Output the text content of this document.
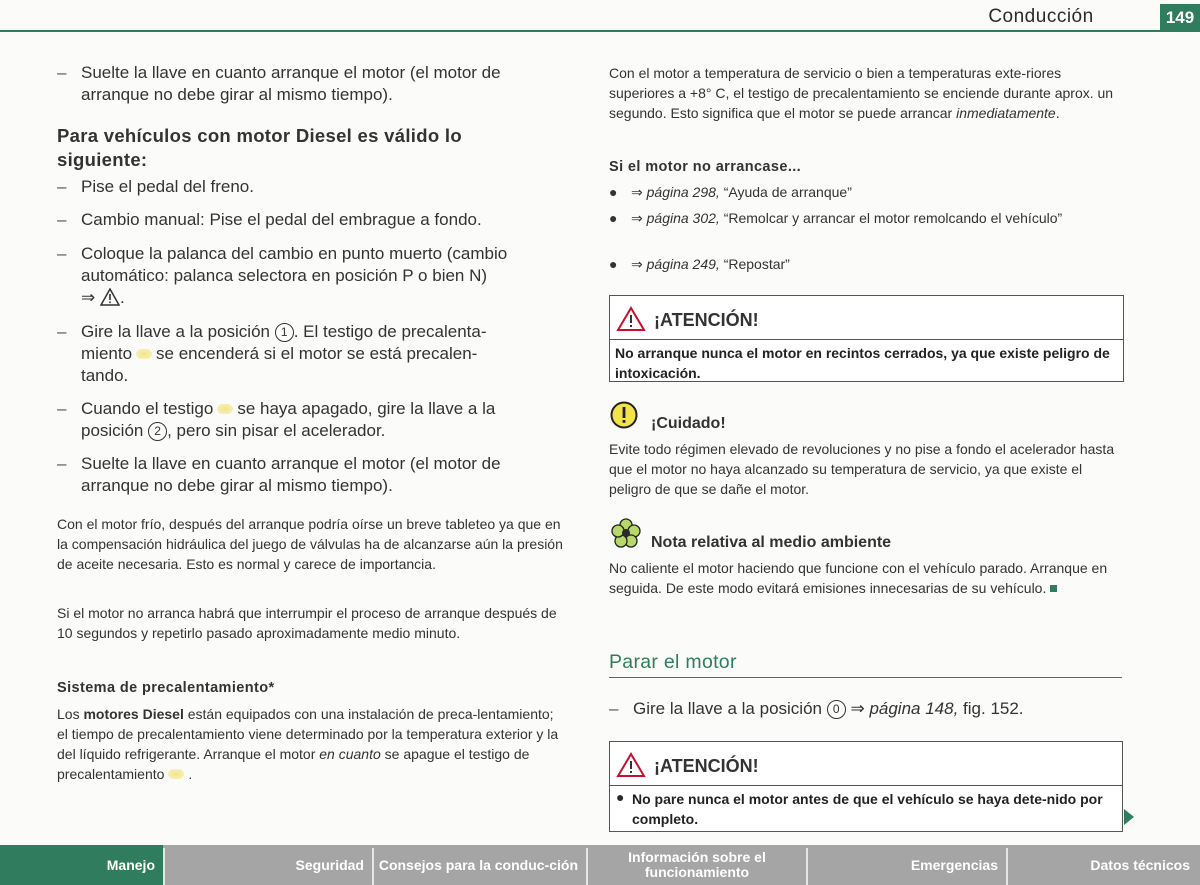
Conducción	149
– Suelte la llave en cuanto arranque el motor (el motor de arranque no debe girar al mismo tiempo).
Para vehículos con motor Diesel es válido lo siguiente:
– Pise el pedal del freno.
– Cambio manual: Pise el pedal del embrague a fondo.
– Coloque la palanca del cambio en punto muerto (cambio
automático: palanca selectora en posición P o bien N)
⇒ .
– Gire la llave a la posición 1 . El testigo de precalenta-
miento se encenderá si el motor se está precalen-
tando.
– Cuando el testigo se haya apagado, gire la llave a la
posición 2 , pero sin pisar el acelerador.
– Suelte la llave en cuanto arranque el motor (el motor de arranque no debe girar al mismo tiempo).
Con el motor frío, después del arranque podría oírse un breve tableteo ya que en la compensación hidráulica del juego de válvulas ha de alcanzarse aún la presión de aceite necesaria. Esto es normal y carece de importancia.
Si el motor no arranca habrá que interrumpir el proceso de arranque después de 10 segundos y repetirlo pasado aproximadamente medio minuto.
Sistema de precalentamiento*
Los motores Diesel están equipados con una instalación de preca-lentamiento; el tiempo de precalentamiento viene determinado por la temperatura exterior y la del líquido refrigerante. Arranque el motor en cuanto se apague el testigo de precalentamiento .
Con el motor a temperatura de servicio o bien a temperaturas exte-riores superiores a +8° C, el testigo de precalentamiento se enciende durante aprox. un segundo. Esto significa que el motor se puede arrancar inmediatamente.
Si el motor no arrancase...
● ⇒ página 298, “Ayuda de arranque”
● ⇒ página 302, “Remolcar y arrancar el motor remolcando el vehículo”
● ⇒ página 249, “Repostar”
¡ATENCIÓN!
No arranque nunca el motor en recintos cerrados, ya que existe peligro de intoxicación.
¡Cuidado!
Evite todo régimen elevado de revoluciones y no pise a fondo el acelerador hasta que el motor no haya alcanzado su temperatura de servicio, ya que existe el peligro de que se dañe el motor.
Nota relativa al medio ambiente
No caliente el motor haciendo que funcione con el vehículo parado. Arranque en seguida. De este modo evitará emisiones innecesarias de su vehículo.
Parar el motor
– Gire la llave a la posición 0 ⇒ página 148, fig. 152.
¡ATENCIÓN!
No pare nunca el motor antes de que el vehículo se haya dete-nido por completo.
●
Manejo	Seguridad	Consejos para la conduc-ción	Información sobre el funcionamiento	Emergencias	Datos técnicos
